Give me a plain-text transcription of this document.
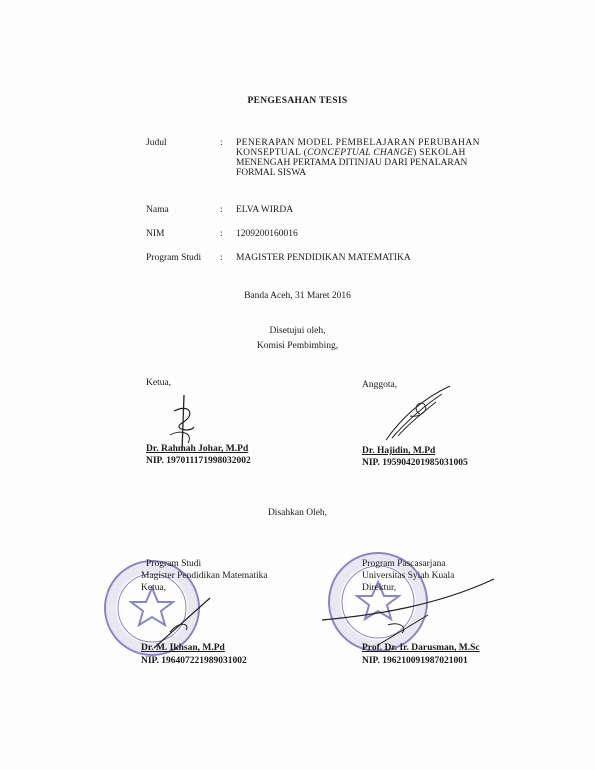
PENGESAHAN TESIS
Judul	: PENERAPAN MODEL PEMBELAJARAN PERUBAHAN
KONSEPTUAL (CONCEPTUAL CHANGE) SEKOLAH
MENENGAH PERTAMA DITINJAU DARI PENALARAN
FORMAL SISWA
Nama	: ELVA WIRDA
NIM	: 1209200160016
Program Studi : MAGISTER PENDIDIKAN MATEMATIKA
Banda Aceh, 31 Maret 2016
Disetujui oleh,
Komisi Pembimbing,
Ketua,	Anggota,
Dr. Rahmah Johar, M.Pd
NIP. 197011171998032002
Dr. Hajidin, M.Pd
NIP. 195904201985031005
Disahkan Oleh,
Program Studi
Magister Pendidikan Matematika
Ketua,
Program Pascasarjana
Universitas Syiah Kuala
Direktur,
Dr. M. Ikhsan, M.Pd
NIP. 196407221989031002
Prof. Dr. Ir. Darusman, M.Sc
NIP. 196210091987021001
